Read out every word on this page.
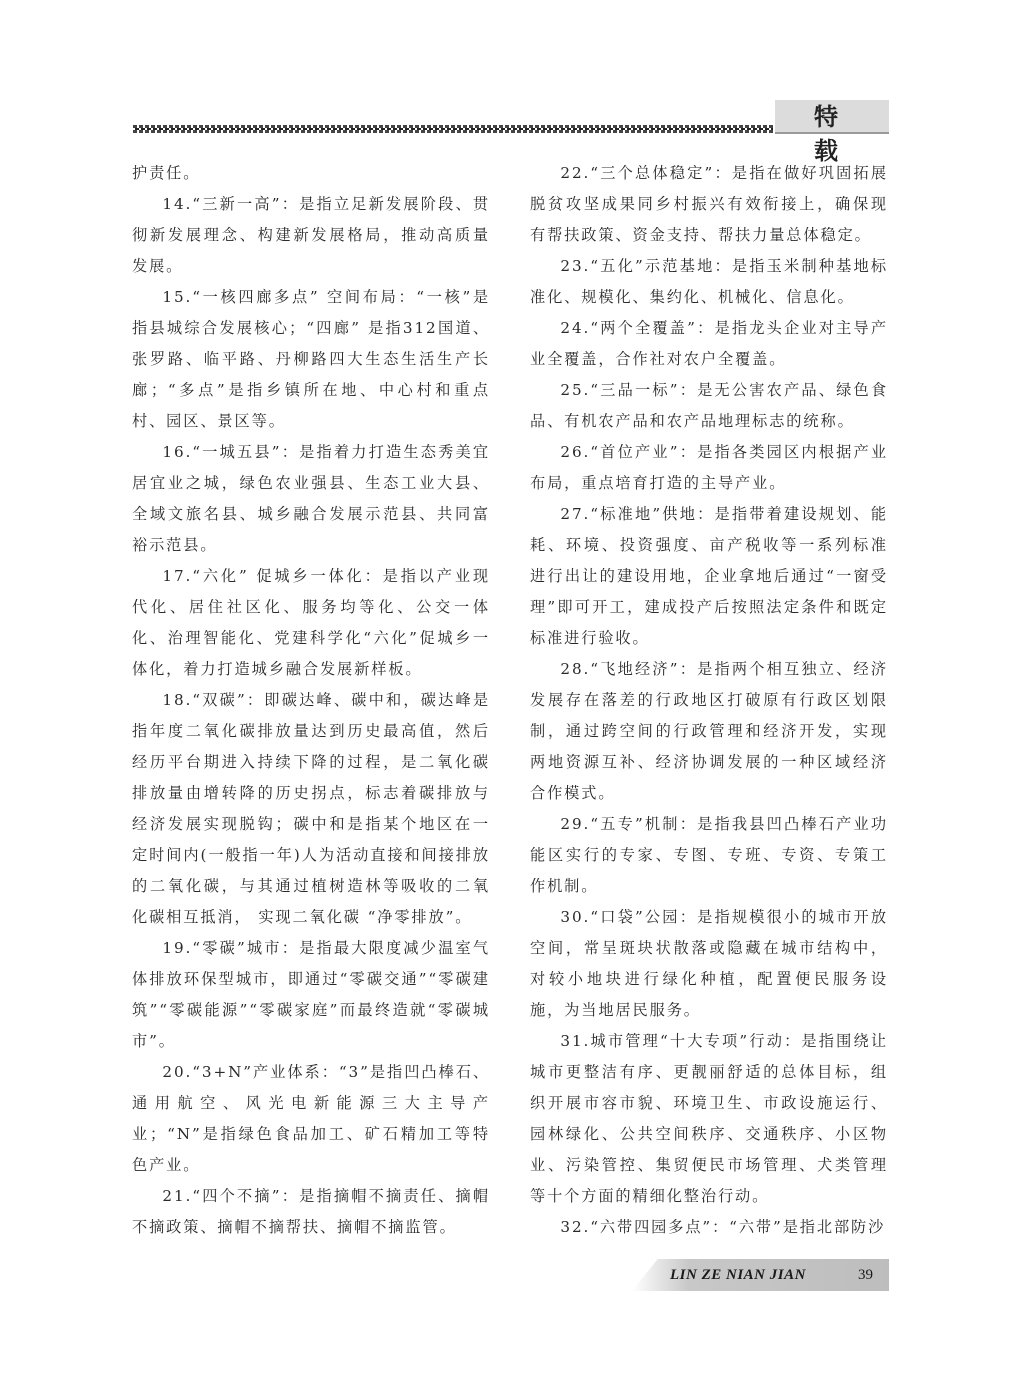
特　载

护责任。

14.“三新一高”：是指立足新发展阶段、贯彻新发展理念、构建新发展格局，推动高质量发展。

15.“一核四廊多点” 空间布局：“一核”是指县城综合发展核心；“四廊” 是指312国道、张罗路、临平路、丹柳路四大生态生活生产长廊；“多点”是指乡镇所在地、中心村和重点村、园区、景区等。

16.“一城五县”：是指着力打造生态秀美宜居宜业之城，绿色农业强县、生态工业大县、全域文旅名县、城乡融合发展示范县、共同富裕示范县。

17.“六化” 促城乡一体化：是指以产业现代化、居住社区化、服务均等化、公交一体化、治理智能化、党建科学化“六化”促城乡一体化，着力打造城乡融合发展新样板。

18.“双碳”：即碳达峰、碳中和，碳达峰是指年度二氧化碳排放量达到历史最高值，然后经历平台期进入持续下降的过程，是二氧化碳排放量由增转降的历史拐点，标志着碳排放与经济发展实现脱钩；碳中和是指某个地区在一定时间内(一般指一年)人为活动直接和间接排放的二氧化碳，与其通过植树造林等吸收的二氧化碳相互抵消， 实现二氧化碳 “净零排放”。

19.“零碳”城市：是指最大限度减少温室气体排放环保型城市，即通过“零碳交通”“零碳建筑”“零碳能源”“零碳家庭”而最终造就“零碳城市”。

20.“3+N”产业体系：“3”是指凹凸棒石、通用航空、风光电新能源三大主导产业；“N”是指绿色食品加工、矿石精加工等特色产业。

21.“四个不摘”：是指摘帽不摘责任、摘帽不摘政策、摘帽不摘帮扶、摘帽不摘监管。

22.“三个总体稳定”：是指在做好巩固拓展脱贫攻坚成果同乡村振兴有效衔接上，确保现有帮扶政策、资金支持、帮扶力量总体稳定。

23.“五化”示范基地：是指玉米制种基地标准化、规模化、集约化、机械化、信息化。

24.“两个全覆盖”：是指龙头企业对主导产业全覆盖，合作社对农户全覆盖。

25.“三品一标”：是无公害农产品、绿色食品、有机农产品和农产品地理标志的统称。

26.“首位产业”：是指各类园区内根据产业布局，重点培育打造的主导产业。

27.“标准地”供地：是指带着建设规划、能耗、环境、投资强度、亩产税收等一系列标准进行出让的建设用地，企业拿地后通过“一窗受理”即可开工，建成投产后按照法定条件和既定标准进行验收。

28.“飞地经济”：是指两个相互独立、经济发展存在落差的行政地区打破原有行政区划限制，通过跨空间的行政管理和经济开发，实现两地资源互补、经济协调发展的一种区域经济合作模式。

29.“五专”机制：是指我县凹凸棒石产业功能区实行的专家、专图、专班、专资、专策工作机制。

30.“口袋”公园：是指规模很小的城市开放空间，常呈斑块状散落或隐藏在城市结构中，对较小地块进行绿化种植，配置便民服务设施，为当地居民服务。

31.城市管理“十大专项”行动：是指围绕让城市更整洁有序、更靓丽舒适的总体目标，组织开展市容市貌、环境卫生、市政设施运行、园林绿化、公共空间秩序、交通秩序、小区物业、污染管控、集贸便民市场管理、犬类管理等十个方面的精细化整治行动。

32.“六带四园多点”：“六带”是指北部防沙

LIN ZE NIAN JIAN	39
